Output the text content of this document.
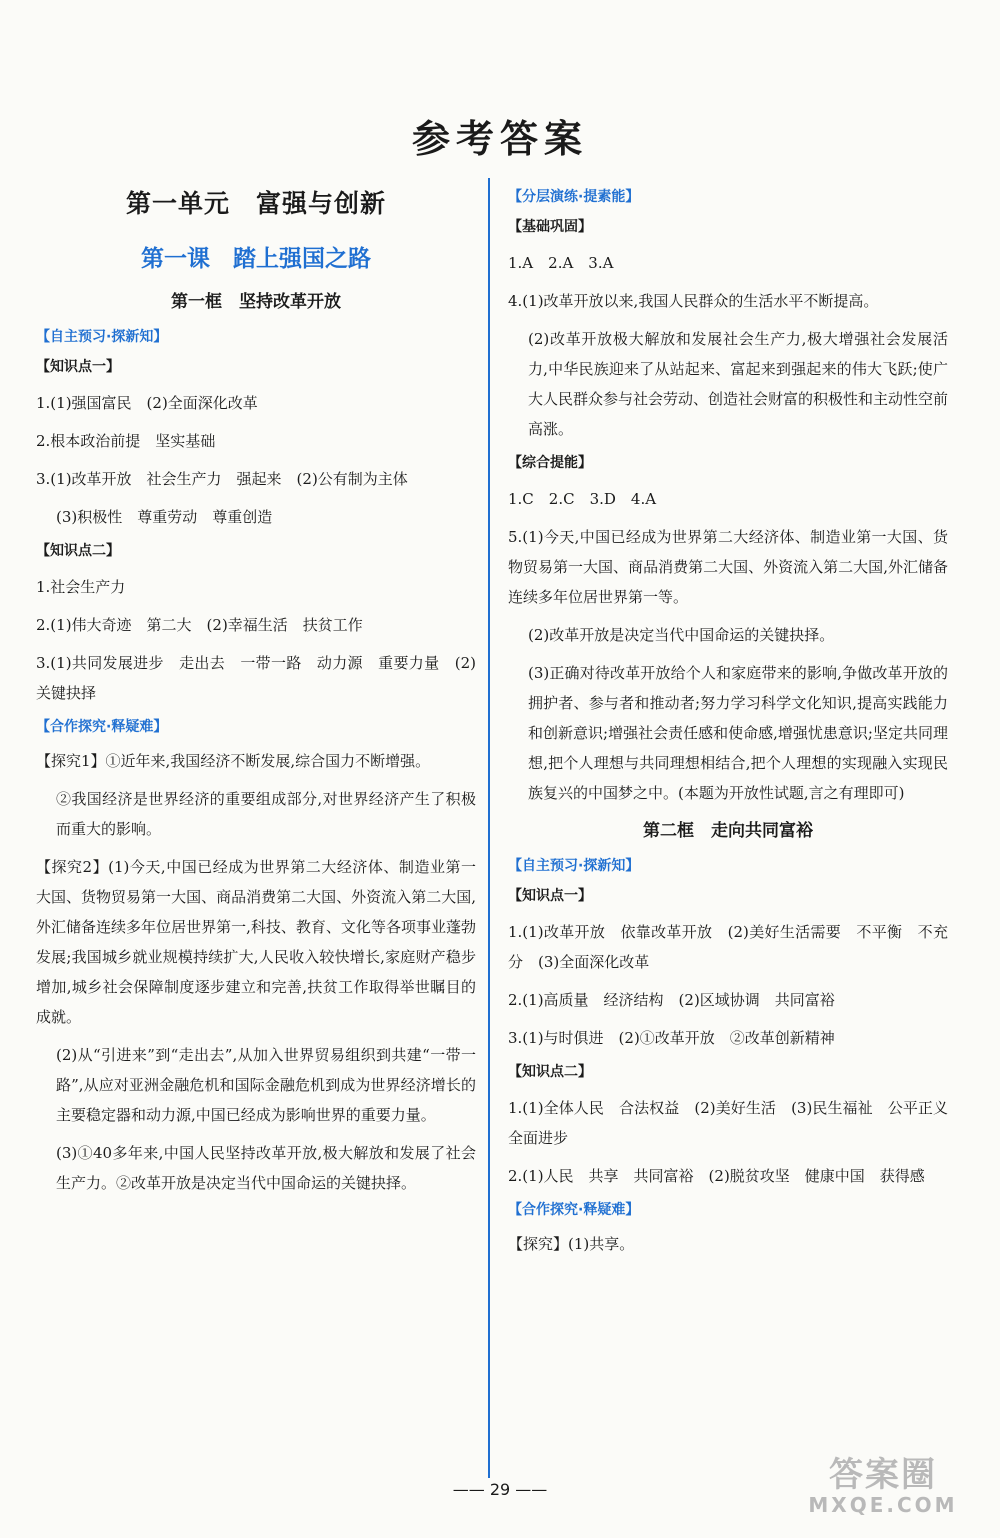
参考答案
第一单元　富强与创新
第一课　踏上强国之路
第一框　坚持改革开放
【自主预习·探新知】
【知识点一】
1.(1)强国富民　(2)全面深化改革
2.根本政治前提　坚实基础
3.(1)改革开放　社会生产力　强起来　(2)公有制为主体
(3)积极性　尊重劳动　尊重创造
【知识点二】
1.社会生产力
2.(1)伟大奇迹　第二大　(2)幸福生活　扶贫工作
3.(1)共同发展进步　走出去　一带一路　动力源　重要力量　(2)关键抉择
【合作探究·释疑难】
【探究1】①近年来,我国经济不断发展,综合国力不断增强。
②我国经济是世界经济的重要组成部分,对世界经济产生了积极而重大的影响。
【探究2】(1)今天,中国已经成为世界第二大经济体、制造业第一大国、货物贸易第一大国、商品消费第二大国、外资流入第二大国,外汇储备连续多年位居世界第一,科技、教育、文化等各项事业蓬勃发展;我国城乡就业规模持续扩大,人民收入较快增长,家庭财产稳步增加,城乡社会保障制度逐步建立和完善,扶贫工作取得举世瞩目的成就。
(2)从“引进来”到“走出去”,从加入世界贸易组织到共建“一带一路”,从应对亚洲金融危机和国际金融危机到成为世界经济增长的主要稳定器和动力源,中国已经成为影响世界的重要力量。
(3)①40多年来,中国人民坚持改革开放,极大解放和发展了社会生产力。②改革开放是决定当代中国命运的关键抉择。
【分层演练·提素能】
【基础巩固】
1.A　2.A　3.A
4.(1)改革开放以来,我国人民群众的生活水平不断提高。
(2)改革开放极大解放和发展社会生产力,极大增强社会发展活力,中华民族迎来了从站起来、富起来到强起来的伟大飞跃;使广大人民群众参与社会劳动、创造社会财富的积极性和主动性空前高涨。
【综合提能】
1.C　2.C　3.D　4.A
5.(1)今天,中国已经成为世界第二大经济体、制造业第一大国、货物贸易第一大国、商品消费第二大国、外资流入第二大国,外汇储备连续多年位居世界第一等。
(2)改革开放是决定当代中国命运的关键抉择。
(3)正确对待改革开放给个人和家庭带来的影响,争做改革开放的拥护者、参与者和推动者;努力学习科学文化知识,提高实践能力和创新意识;增强社会责任感和使命感,增强忧患意识;坚定共同理想,把个人理想与共同理想相结合,把个人理想的实现融入实现民族复兴的中国梦之中。(本题为开放性试题,言之有理即可)
第二框　走向共同富裕
【自主预习·探新知】
【知识点一】
1.(1)改革开放　依靠改革开放　(2)美好生活需要　不平衡　不充分　(3)全面深化改革
2.(1)高质量　经济结构　(2)区域协调　共同富裕
3.(1)与时俱进　(2)①改革开放　②改革创新精神
【知识点二】
1.(1)全体人民　合法权益　(2)美好生活　(3)民生福祉　公平正义　全面进步
2.(1)人民　共享　共同富裕　(2)脱贫攻坚　健康中国　获得感
【合作探究·释疑难】
【探究】(1)共享。
—— 29 ——	答案圈
MXQE.COM
